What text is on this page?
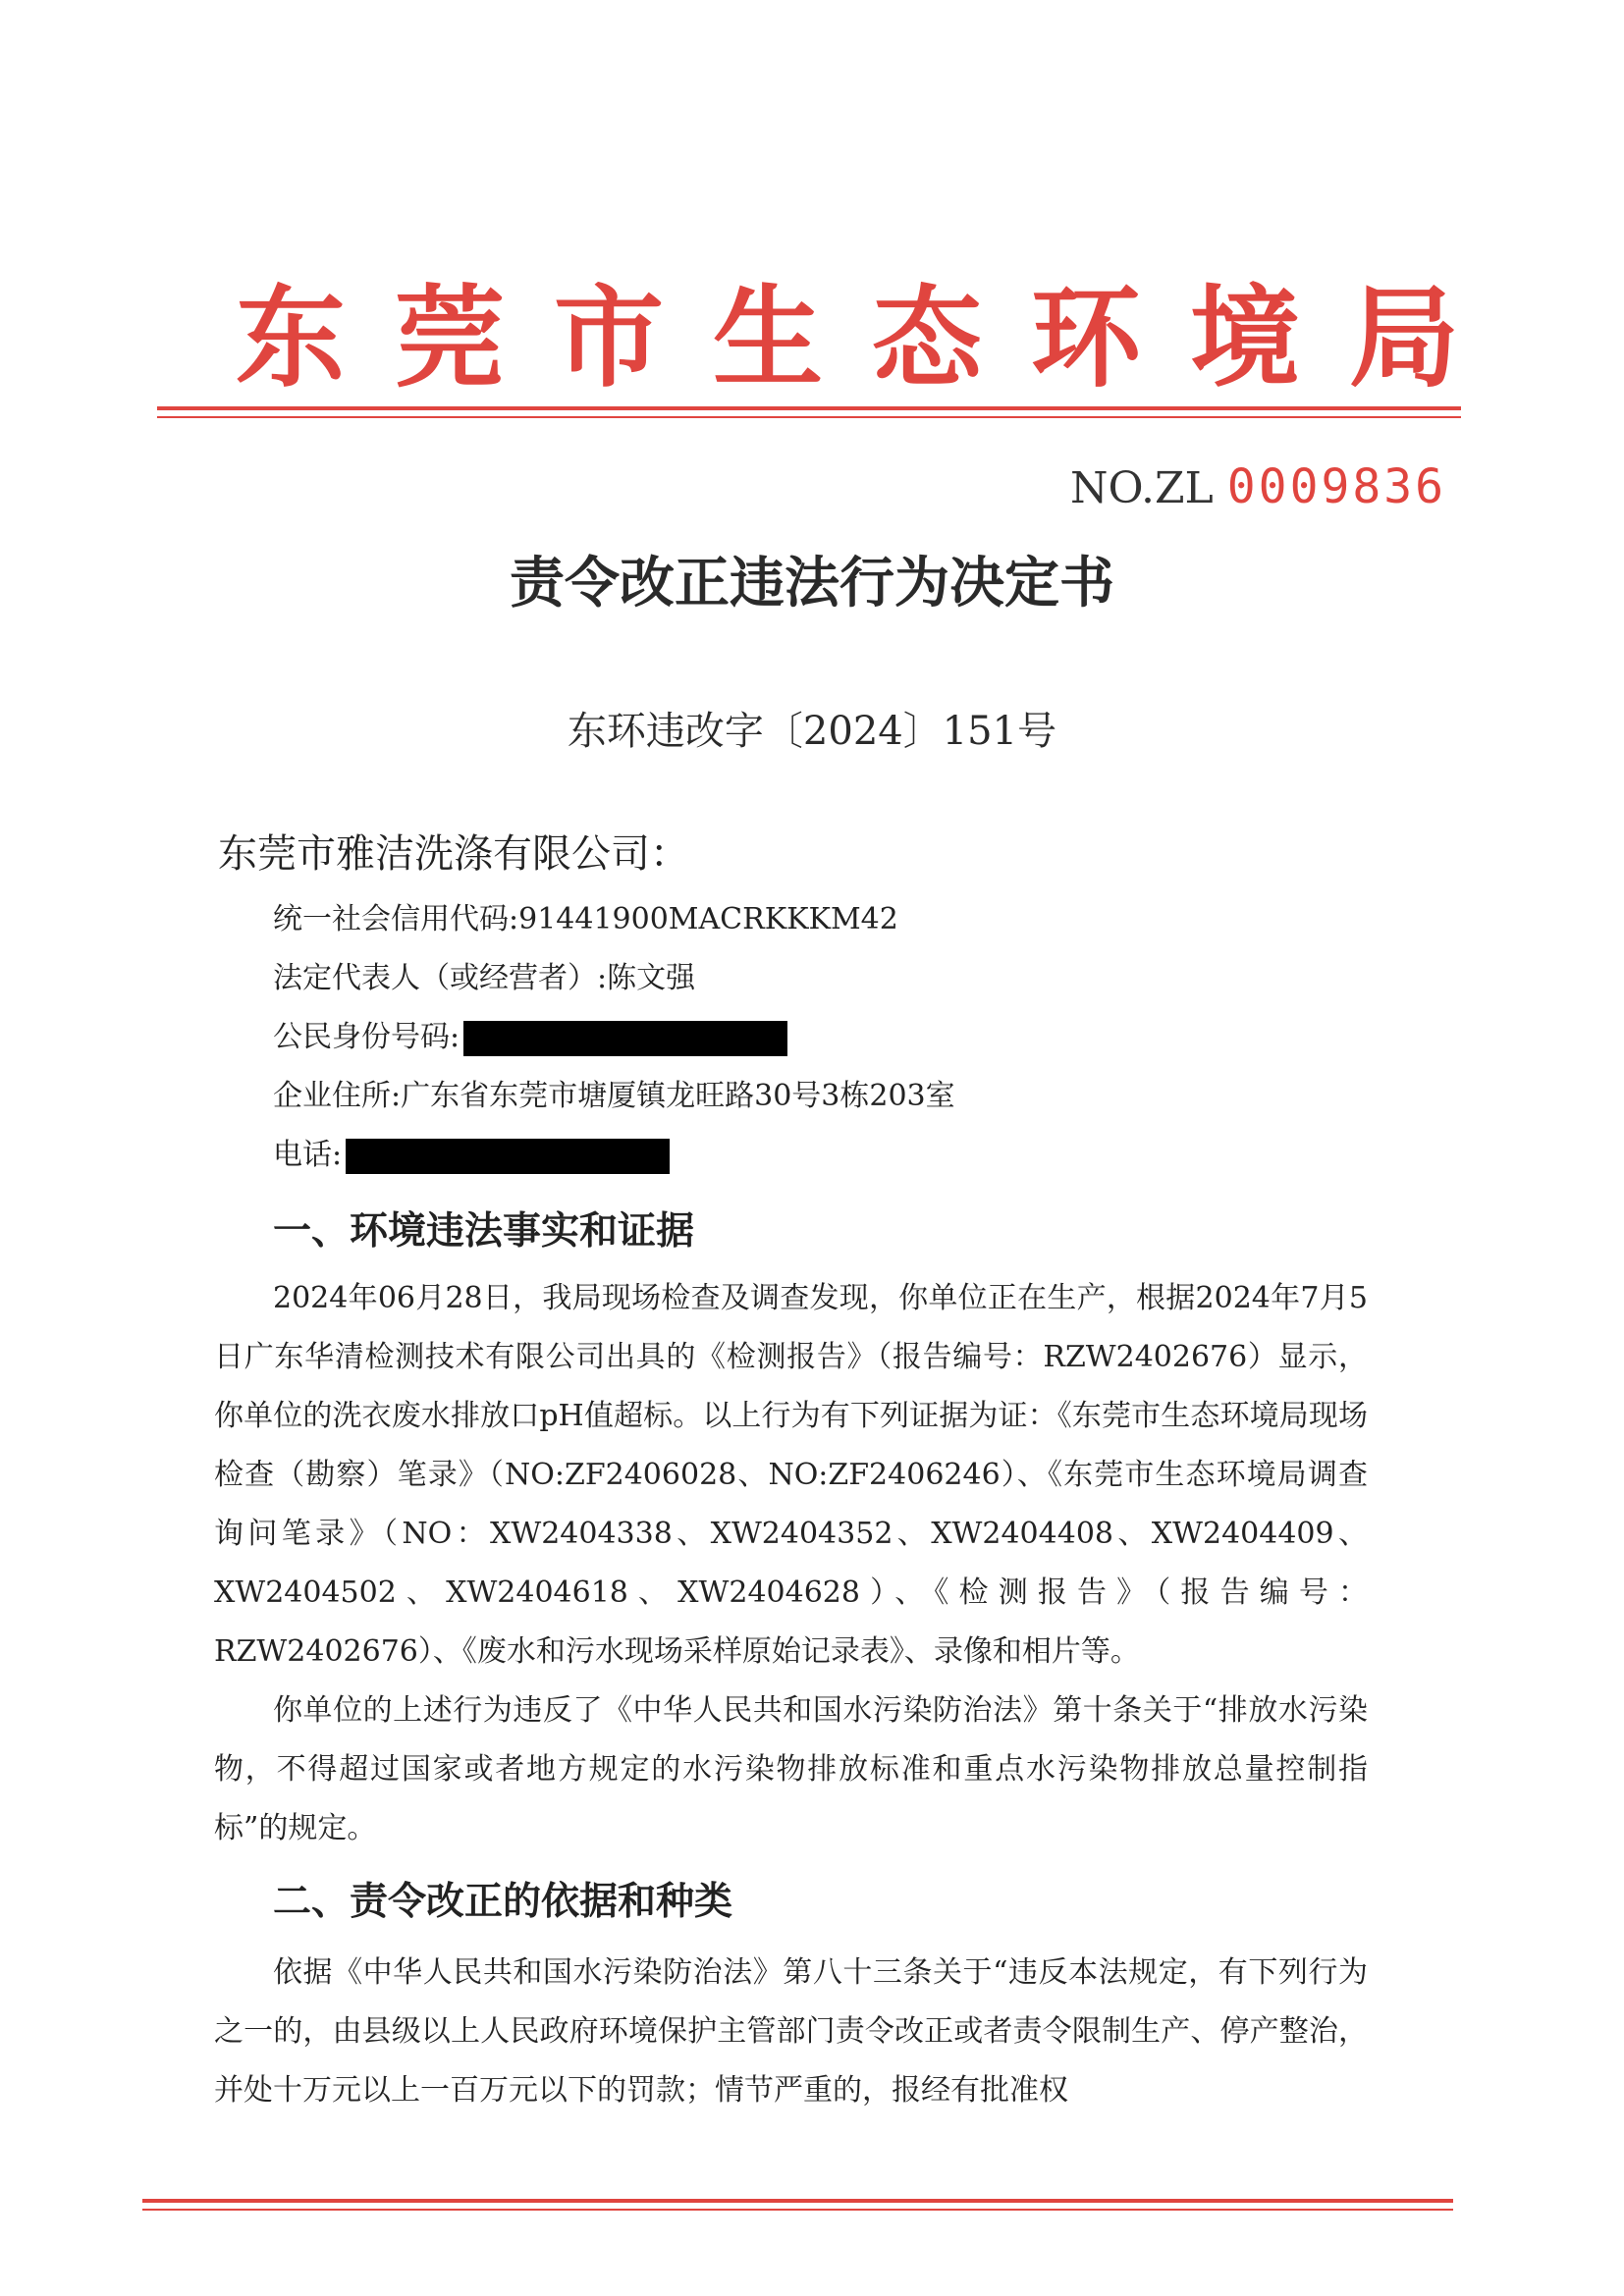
东莞市生态环境局
NO.ZL 0009836
责令改正违法行为决定书
东环违改字〔2024〕151号
东莞市雅洁洗涤有限公司：
统一社会信用代码:91441900MACRKKKM42
法定代表人（或经营者）:陈文强
公民身份号码:
企业住所:广东省东莞市塘厦镇龙旺路30号3栋203室
电话:
一、环境违法事实和证据

2024年06月28日，我局现场检查及调查发现，你单位正在生产，根据2024年7月5日广东华清检测技术有限公司出具的《检测报告》（报告编号：RZW2402676）显示，你单位的洗衣废水排放口pH值超标。以上行为有下列证据为证：《东莞市生态环境局现场检查（勘察）笔录》（NO:ZF2406028、NO:ZF2406246）、《东莞市生态环境局调查询问笔录》（NO：XW2404338、XW2404352、XW2404408、XW2404409、XW2404502、XW2404618、XW2404628）、《检测报告》（报告编号：RZW2402676）、《废水和污水现场采样原始记录表》、录像和相片等。

你单位的上述行为违反了《中华人民共和国水污染防治法》第十条关于“排放水污染物，不得超过国家或者地方规定的水污染物排放标准和重点水污染物排放总量控制指标”的规定。

二、责令改正的依据和种类

依据《中华人民共和国水污染防治法》第八十三条关于“违反本法规定，有下列行为之一的，由县级以上人民政府环境保护主管部门责令改正或者责令限制生产、停产整治，并处十万元以上一百万元以下的罚款；情节严重的，报经有批准权
